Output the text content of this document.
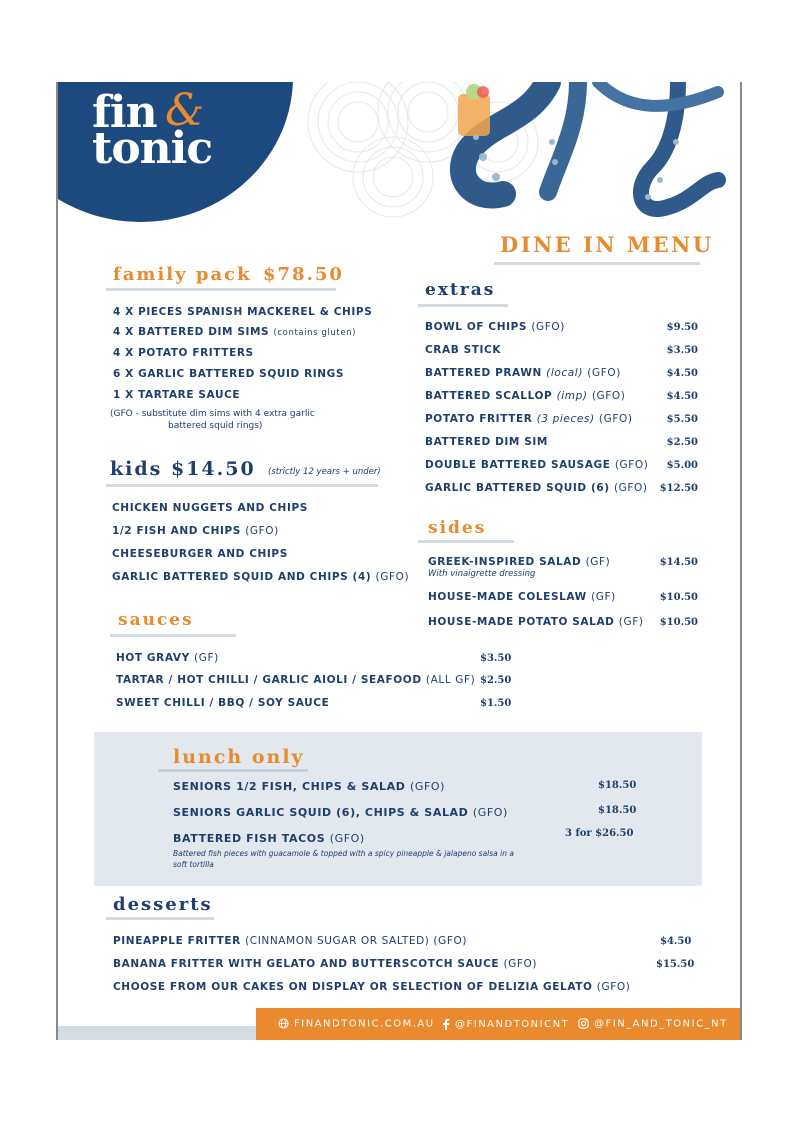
fin &
tonic
DINE IN MENU
family pack $78.50
4 X PIECES SPANISH MACKEREL & CHIPS
4 X BATTERED DIM SIMS (contains gluten)
4 X POTATO FRITTERS
6 X GARLIC BATTERED SQUID RINGS
1 X TARTARE SAUCE
(GFO - substitute dim sims with 4 extra garlic
battered squid rings)
kids $14.50 (strictly 12 years + under)
CHICKEN NUGGETS AND CHIPS
1/2 FISH AND CHIPS (GFO)
CHEESEBURGER AND CHIPS
GARLIC BATTERED SQUID AND CHIPS (4) (GFO)
sauces
HOT GRAVY (GF)	$3.50
TARTAR / HOT CHILLI / GARLIC AIOLI / SEAFOOD (ALL GF) $2.50
SWEET CHILLI / BBQ / SOY SAUCE	$1.50
extras
BOWL OF CHIPS (GFO)	$9.50
CRAB STICK	$3.50
BATTERED PRAWN (local) (GFO)	$4.50
BATTERED SCALLOP (imp) (GFO)	$4.50
POTATO FRITTER (3 pieces) (GFO)	$5.50
BATTERED DIM SIM	$2.50
DOUBLE BATTERED SAUSAGE (GFO) $5.00
GARLIC BATTERED SQUID (6) (GFO) $12.50
sides
GREEK-INSPIRED SALAD (GF)
With vinaigrette dressing
$14.50
HOUSE-MADE COLESLAW (GF)	$10.50
HOUSE-MADE POTATO SALAD (GF) $10.50
lunch only
SENIORS 1/2 FISH, CHIPS & SALAD (GFO)	$18.50
SENIORS GARLIC SQUID (6), CHIPS & SALAD (GFO)	$18.50
BATTERED FISH TACOS (GFO)	3 for $26.50
Battered fish pieces with guacamole & topped with a spicy pineapple & jalapeno salsa in a
soft tortilla
desserts
PINEAPPLE FRITTER (CINNAMON SUGAR OR SALTED) (GFO)	$4.50
BANANA FRITTER WITH GELATO AND BUTTERSCOTCH SAUCE (GFO)	$15.50
CHOOSE FROM OUR CAKES ON DISPLAY OR SELECTION OF DELIZIA GELATO (GFO)
FINANDTONIC.COM.AU	@FINANDTONICNT	@FIN_AND_TONIC_NT
